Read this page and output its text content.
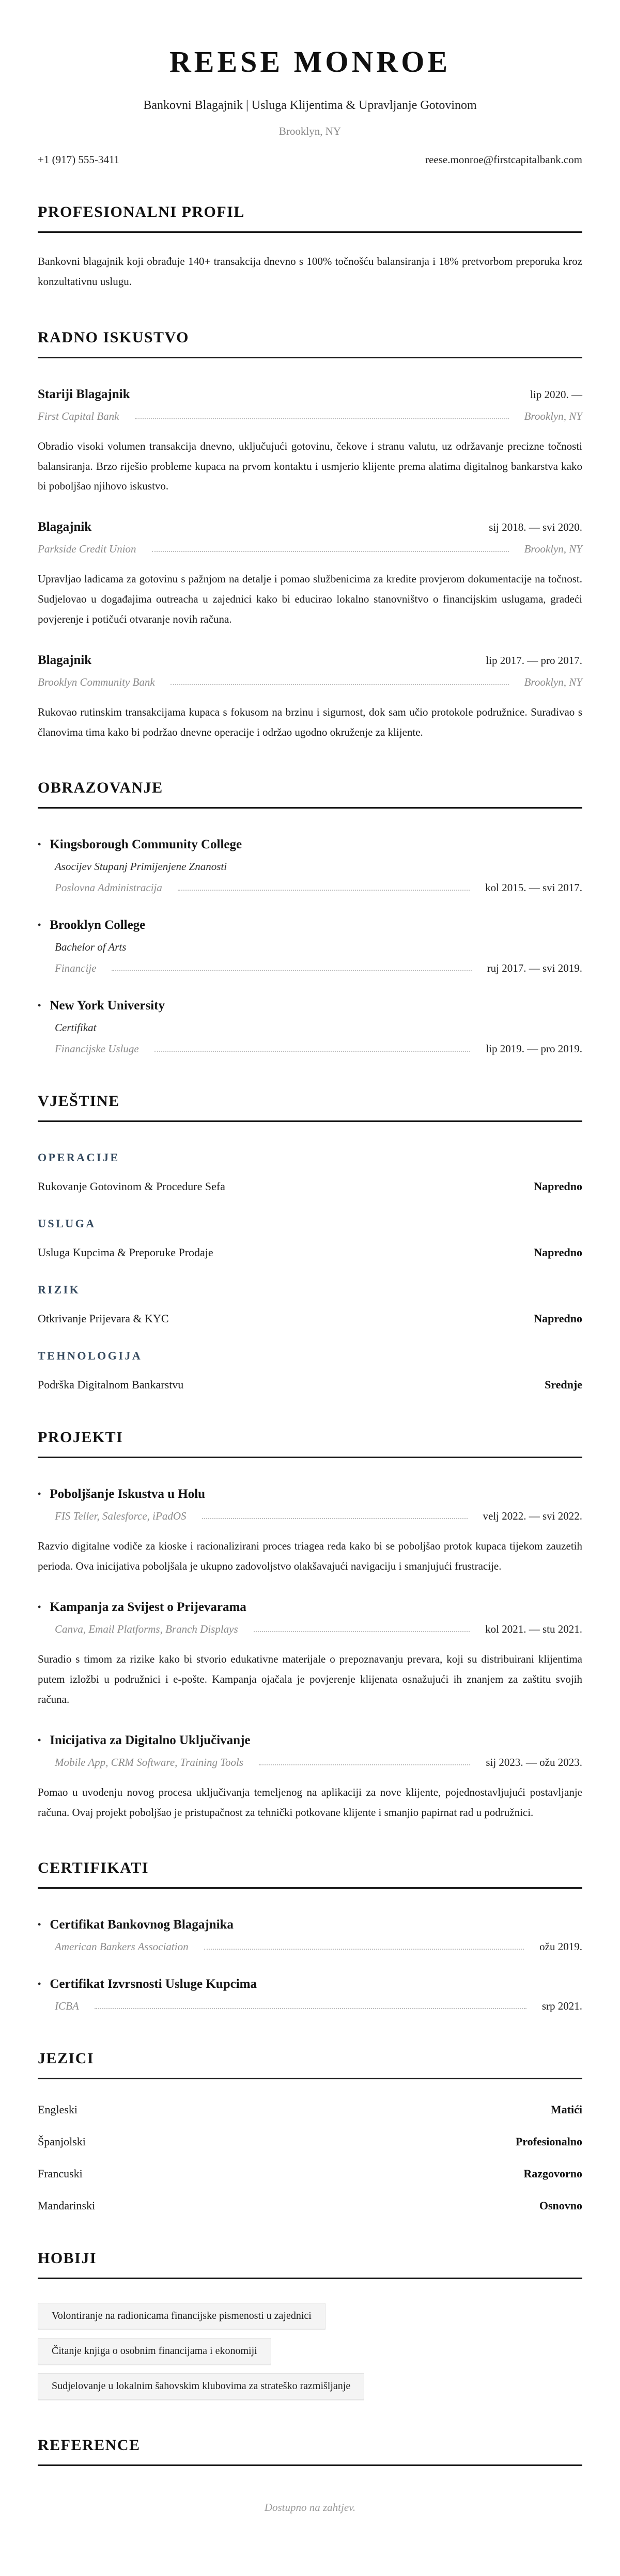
REESE MONROE
Bankovni Blagajnik | Usluga Klijentima & Upravljanje Gotovinom
Brooklyn, NY
+1 (917) 555-3411	reese.monroe@firstcapitalbank.com
PROFESIONALNI PROFIL

Bankovni blagajnik koji obrađuje 140+ transakcija dnevno s 100% točnošću balansiranja i 18% pretvorbom preporuka kroz konzultativnu uslugu.

RADNO ISKUSTVO
Stariji Blagajnik	lip 2020. —
First Capital Bank	Brooklyn, NY

Obradio visoki volumen transakcija dnevno, uključujući gotovinu, čekove i stranu valutu, uz održavanje precizne točnosti balansiranja. Brzo riješio probleme kupaca na prvom kontaktu i usmjerio klijente prema alatima digitalnog bankarstva kako bi poboljšao njihovo iskustvo.

Blagajnik	sij 2018. — svi 2020.
Parkside Credit Union	Brooklyn, NY

Upravljao ladicama za gotovinu s pažnjom na detalje i pomao službenicima za kredite provjerom dokumentacije na točnost. Sudjelovao u događajima outreacha u zajednici kako bi educirao lokalno stanovništvo o financijskim uslugama, gradeći povjerenje i potičući otvaranje novih računa.

Blagajnik	lip 2017. — pro 2017.
Brooklyn Community Bank	Brooklyn, NY

Rukovao rutinskim transakcijama kupaca s fokusom na brzinu i sigurnost, dok sam učio protokole podružnice. Suradivao s članovima tima kako bi podržao dnevne operacije i održao ugodno okruženje za klijente.

OBRAZOVANJE
• Kingsborough Community College
Asocijev Stupanj Primijenjene Znanosti
Poslovna Administracija	kol 2015. — svi 2017.
• Brooklyn College
Bachelor of Arts
Financije	ruj 2017. — svi 2019.
• New York University
Certifikat
Financijske Usluge	lip 2019. — pro 2019.
VJEŠTINE
OPERACIJE
Rukovanje Gotovinom & Procedure Sefa	Napredno
USLUGA
Usluga Kupcima & Preporuke Prodaje	Napredno
RIZIK
Otkrivanje Prijevara & KYC	Napredno
TEHNOLOGIJA
Podrška Digitalnom Bankarstvu	Srednje
PROJEKTI
• Poboljšanje Iskustva u Holu
FIS Teller, Salesforce, iPadOS	velj 2022. — svi 2022.

Razvio digitalne vodiče za kioske i racionalizirani proces triagea reda kako bi se poboljšao protok kupaca tijekom zauzetih perioda. Ova inicijativa poboljšala je ukupno zadovoljstvo olakšavajući navigaciju i smanjujući frustracije.

• Kampanja za Svijest o Prijevarama
Canva, Email Platforms, Branch Displays	kol 2021. — stu 2021.

Suradio s timom za rizike kako bi stvorio edukativne materijale o prepoznavanju prevara, koji su distribuirani klijentima putem izložbi u podružnici i e-pošte. Kampanja ojačala je povjerenje klijenata osnažujući ih znanjem za zaštitu svojih računa.

• Inicijativa za Digitalno Uključivanje
Mobile App, CRM Software, Training Tools	sij 2023. — ožu 2023.

Pomao u uvodenju novog procesa uključivanja temeljenog na aplikaciji za nove klijente, pojednostavljujući postavljanje računa. Ovaj projekt poboljšao je pristupačnost za tehnički potkovane klijente i smanjio papirnat rad u podružnici.

CERTIFIKATI
• Certifikat Bankovnog Blagajnika
American Bankers Association	ožu 2019.
• Certifikat Izvrsnosti Usluge Kupcima
ICBA	srp 2021.
JEZICI
Engleski	Matići
Španjolski	Profesionalno
Francuski	Razgovorno
Mandarinski	Osnovno
HOBIJI
Volontiranje na radionicama financijske pismenosti u zajednici
Čitanje knjiga o osobnim financijama i ekonomiji
Sudjelovanje u lokalnim šahovskim klubovima za strateško razmišljanje
REFERENCE
Dostupno na zahtjev.
